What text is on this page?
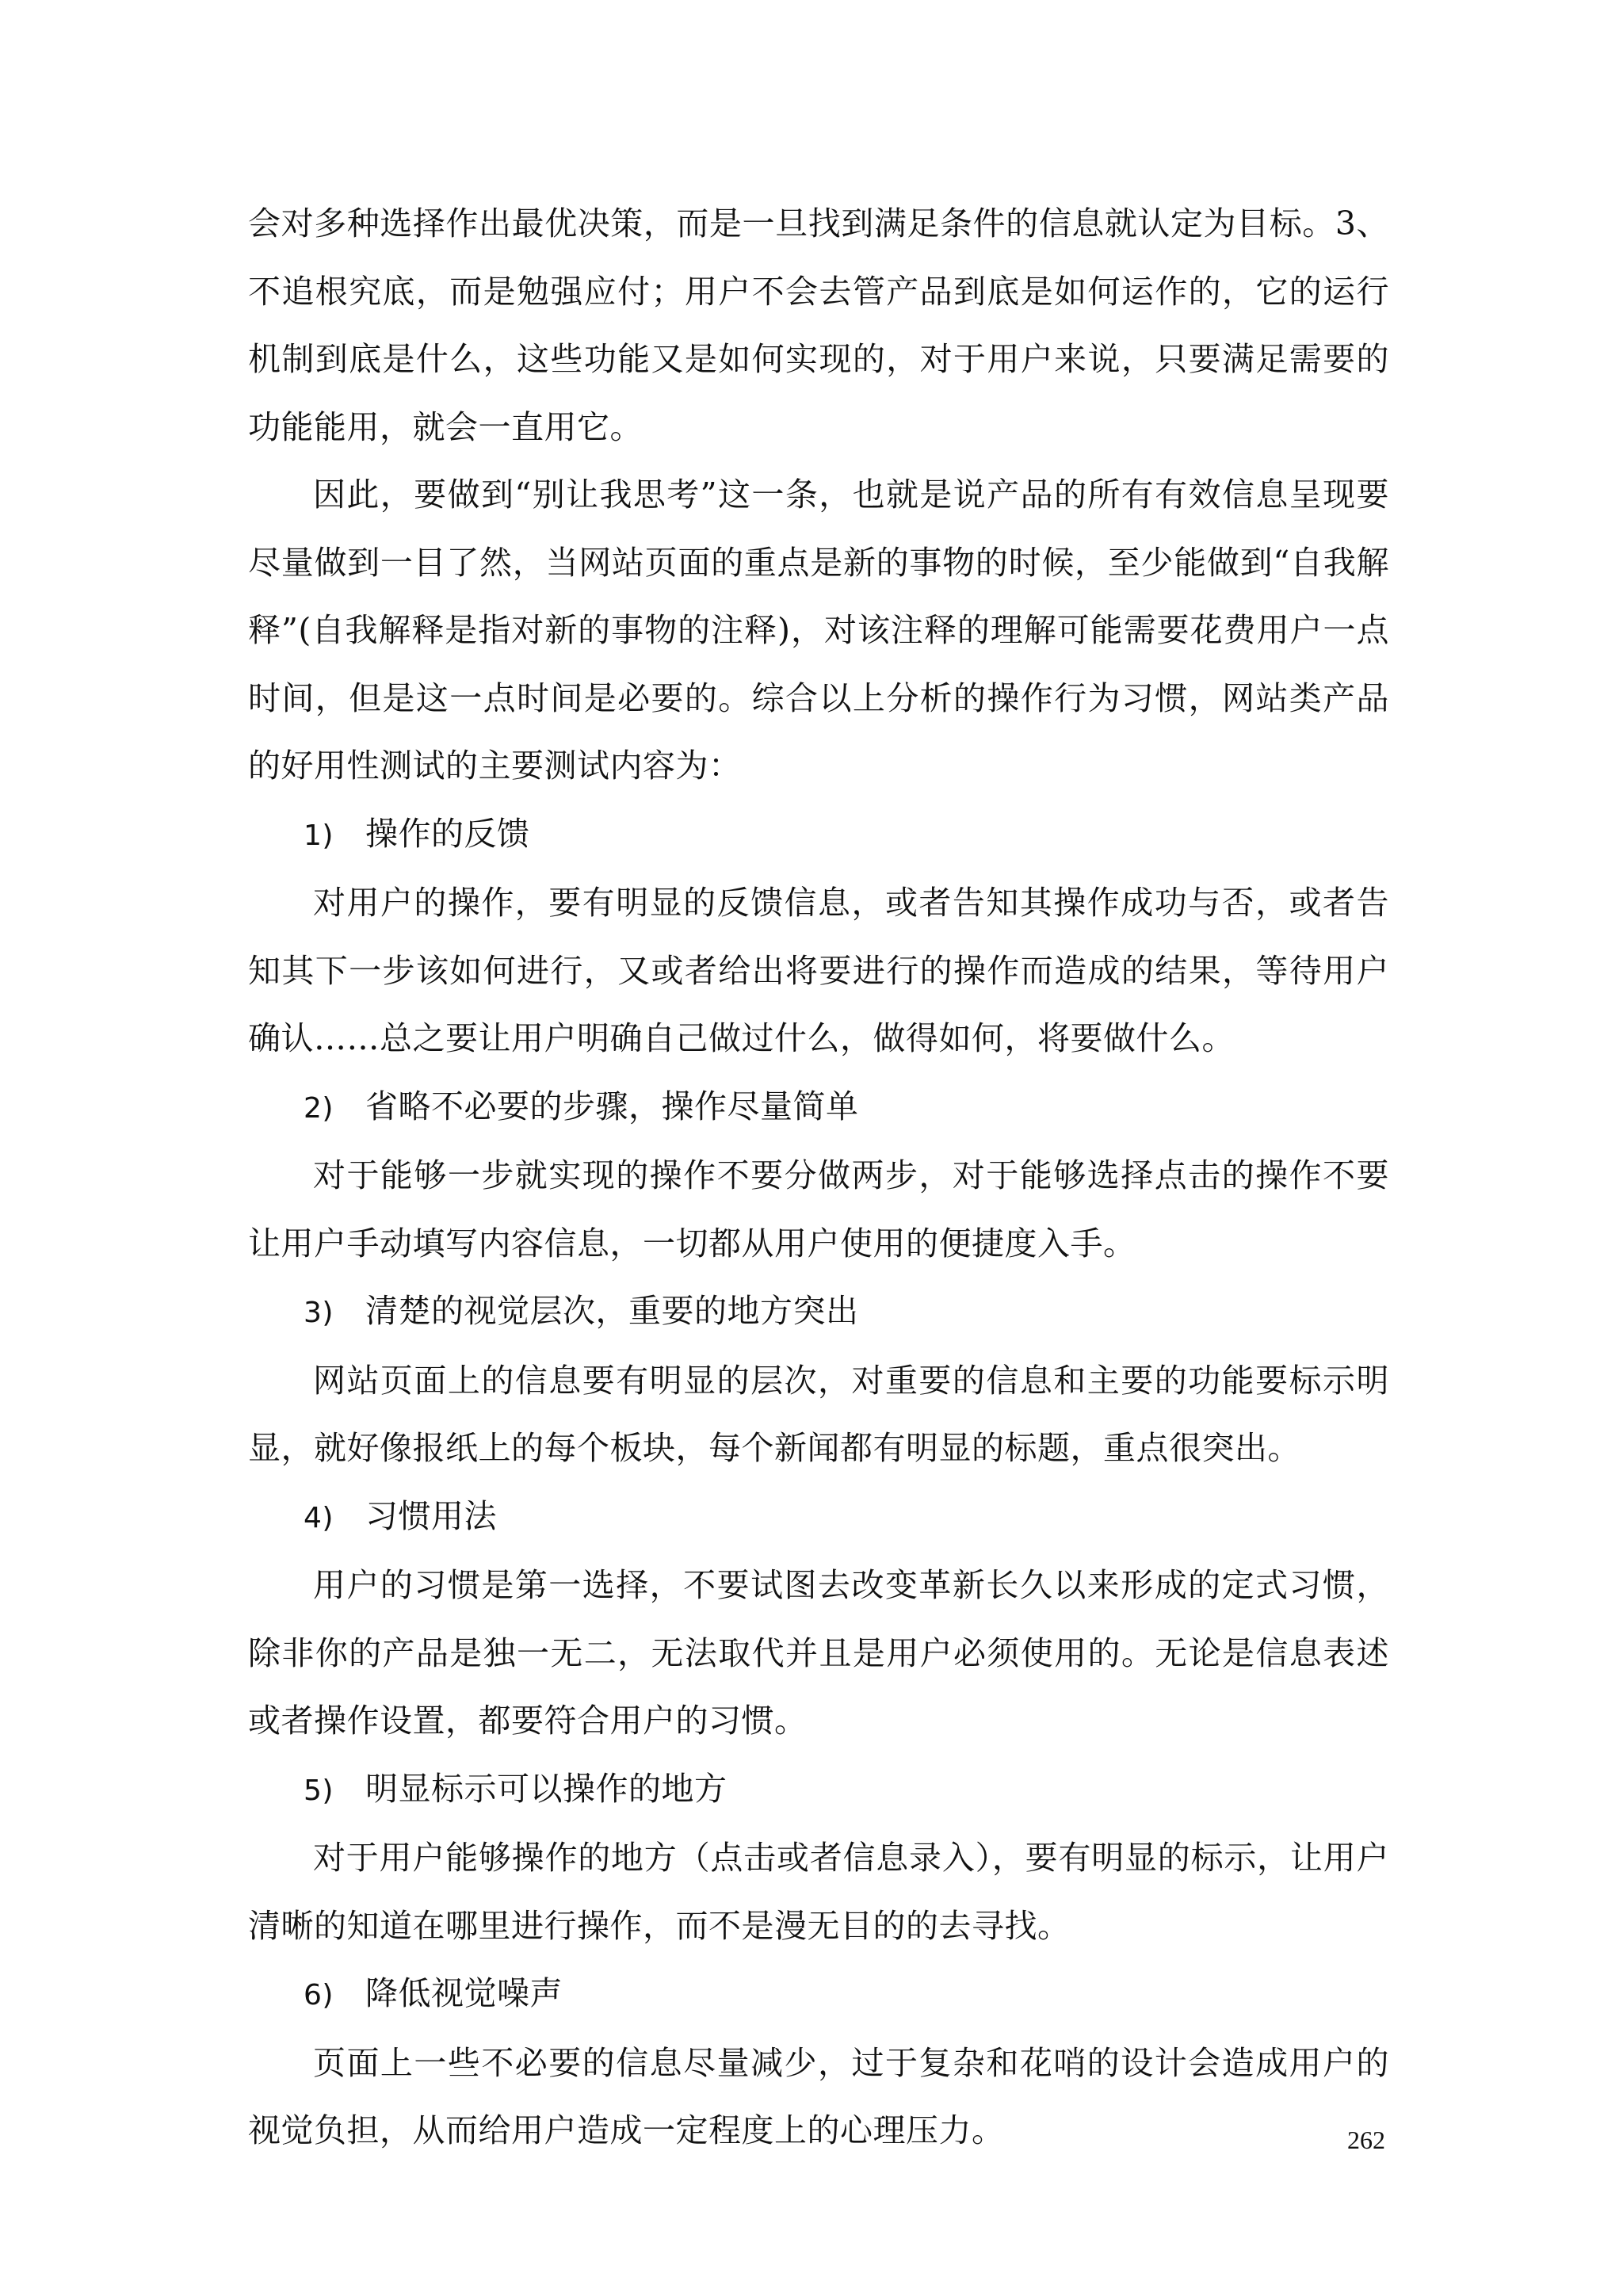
会对多种选择作出最优决策，而是一旦找到满足条件的信息就认定为目标。3、不追根究底，而是勉强应付；用户不会去管产品到底是如何运作的，它的运行机制到底是什么，这些功能又是如何实现的，对于用户来说，只要满足需要的功能能用，就会一直用它。

因此，要做到“别让我思考”这一条，也就是说产品的所有有效信息呈现要尽量做到一目了然，当网站页面的重点是新的事物的时候，至少能做到“自我解释”(自我解释是指对新的事物的注释)，对该注释的理解可能需要花费用户一点时间，但是这一点时间是必要的。综合以上分析的操作行为习惯，网站类产品的好用性测试的主要测试内容为：

1) 操作的反馈

对用户的操作，要有明显的反馈信息，或者告知其操作成功与否，或者告知其下一步该如何进行，又或者给出将要进行的操作而造成的结果，等待用户确认……总之要让用户明确自己做过什么，做得如何，将要做什么。

2) 省略不必要的步骤，操作尽量简单

对于能够一步就实现的操作不要分做两步，对于能够选择点击的操作不要让用户手动填写内容信息，一切都从用户使用的便捷度入手。

3) 清楚的视觉层次，重要的地方突出

网站页面上的信息要有明显的层次，对重要的信息和主要的功能要标示明显，就好像报纸上的每个板块，每个新闻都有明显的标题，重点很突出。

4) 习惯用法

用户的习惯是第一选择，不要试图去改变革新长久以来形成的定式习惯，除非你的产品是独一无二，无法取代并且是用户必须使用的。无论是信息表述或者操作设置，都要符合用户的习惯。

5) 明显标示可以操作的地方

对于用户能够操作的地方（点击或者信息录入），要有明显的标示，让用户清晰的知道在哪里进行操作，而不是漫无目的的去寻找。

6) 降低视觉噪声

页面上一些不必要的信息尽量减少，过于复杂和花哨的设计会造成用户的视觉负担，从而给用户造成一定程度上的心理压力。	262
